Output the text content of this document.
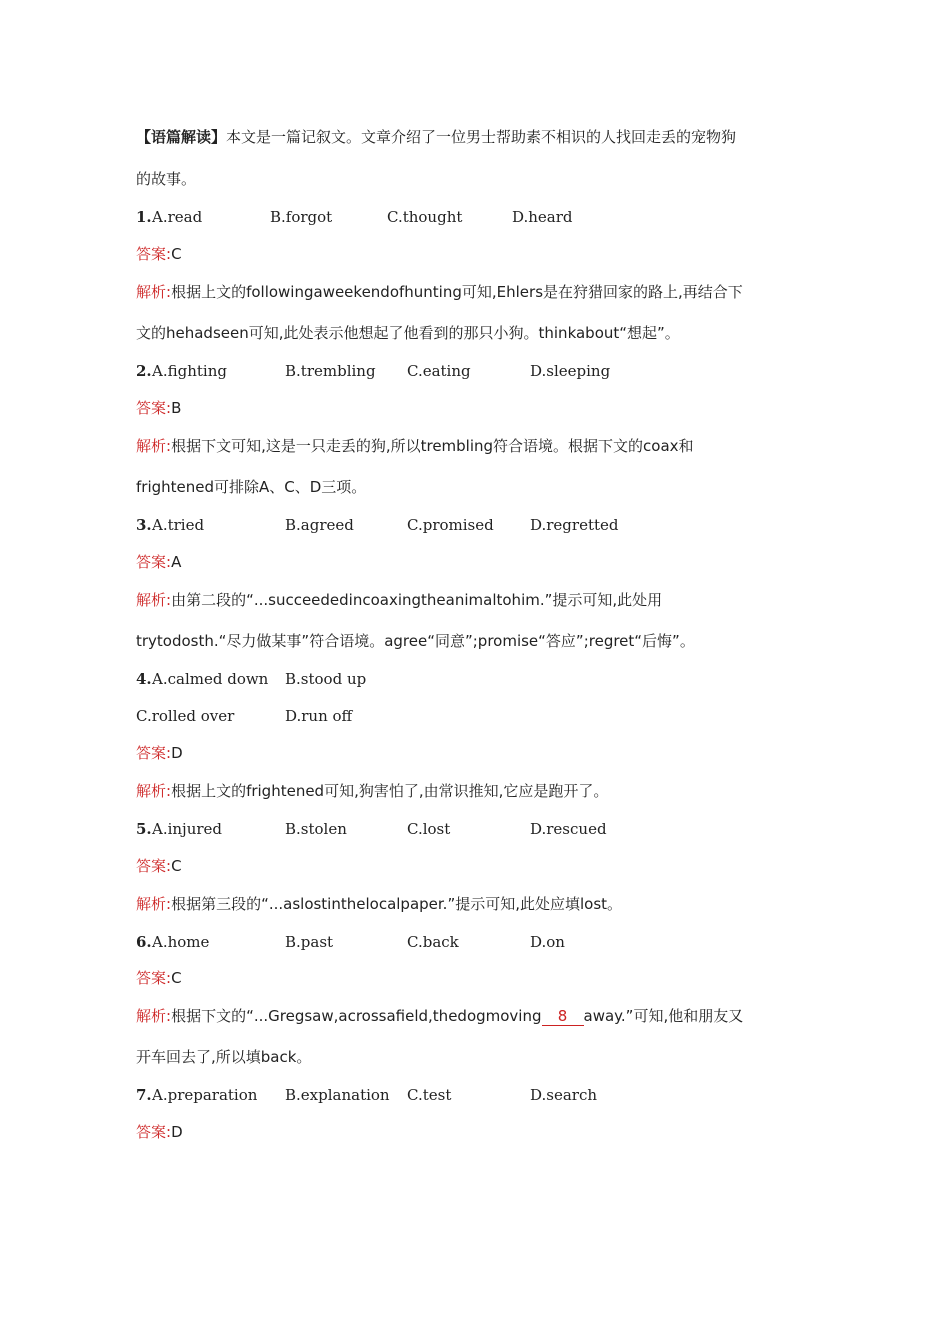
【语篇解读】本文是一篇记叙文。文章介绍了一位男士帮助素不相识的人找回走丢的宠物狗
的故事。
1. A.read	B.forgot	C.thought	D.heard
答案:C
解析:根据上文的followingaweekendofhunting可知,Ehlers是在狩猎回家的路上,再结合下
文的hehadseen可知,此处表示他想起了他看到的那只小狗。thinkabout“想起”。
2. A.fighting	B.trembling C.eating	D.sleeping
答案:B
解析:根据下文可知,这是一只走丢的狗,所以trembling符合语境。根据下文的coax和
frightened可排除A、C、D三项。
3. A.tried	B.agreed	C.promised D.regretted
答案:A
解析:由第二段的“...succeededincoaxingtheanimaltohim.”提示可知,此处用
trytodosth.“尽力做某事”符合语境。agree“同意”;promise“答应”;regret“后悔”。
4. A.calmed down B.stood up
C.rolled over	D.run off
答案:D
解析:根据上文的frightened可知,狗害怕了,由常识推知,它应是跑开了。
5. A.injured	B.stolen	C.lost	D.rescued
答案:C
解析:根据第三段的“...aslostinthelocalpaper.”提示可知,此处应填lost。
6. A.home	B.past	C.back	D.on
答案:C
解析:根据下文的“...Gregsaw,acrossafield,thedogmoving 8 away.”可知,他和朋友又
开车回去了,所以填back。
7. A.preparation B.explanation C.test	D.search
答案:D
